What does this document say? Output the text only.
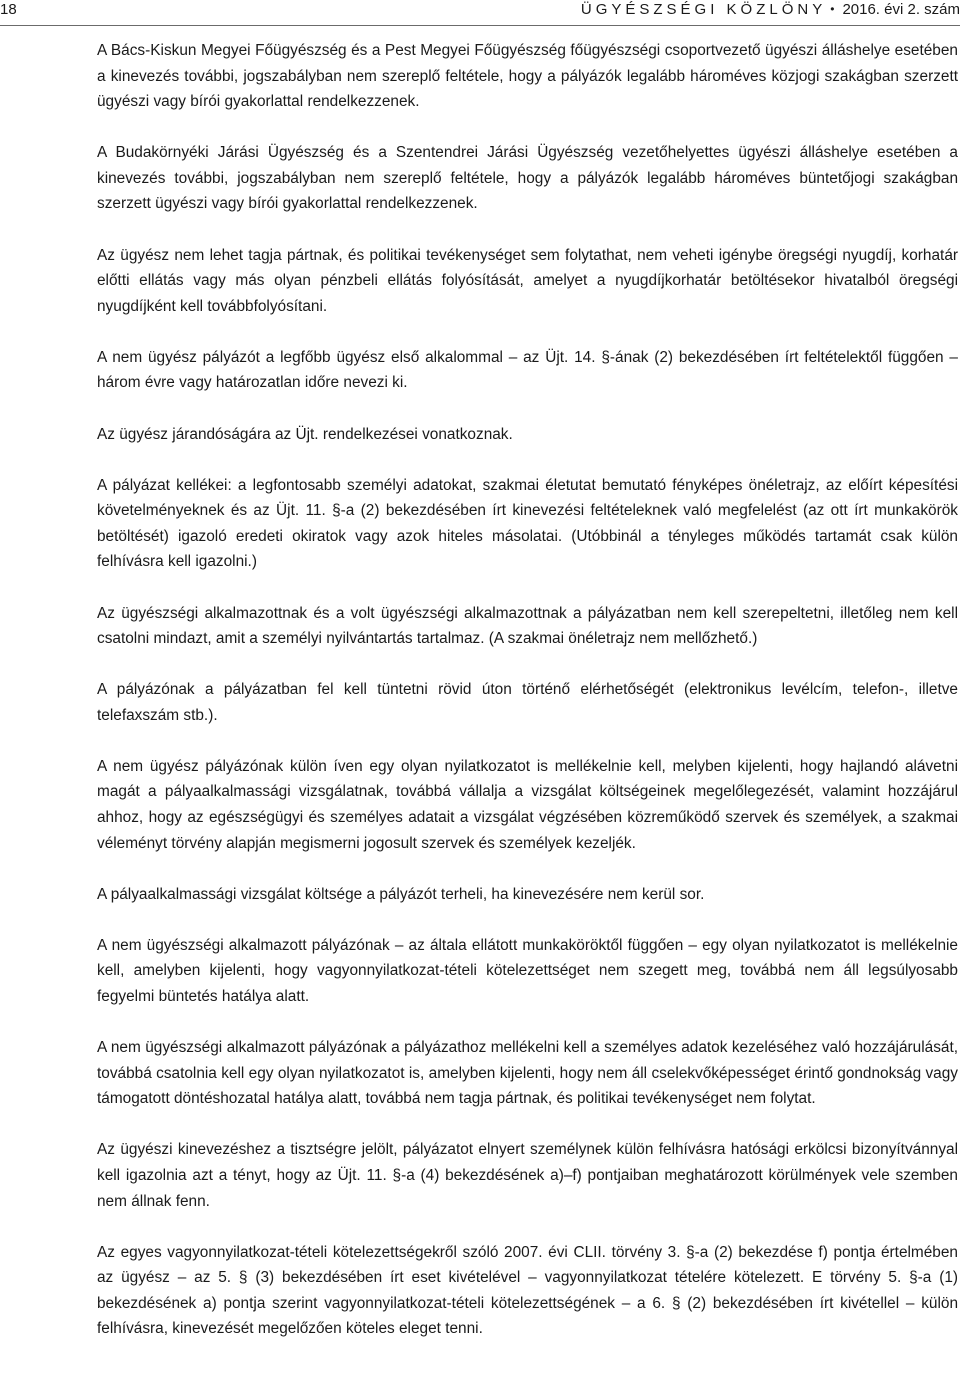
18	ÜGYÉSZSÉGI KÖZLÖNY • 2016. évi 2. szám

A Bács-Kiskun Megyei Főügyészség és a Pest Megyei Főügyészség főügyészségi csoportvezető ügyészi álláshelye esetében a kinevezés további, jogszabályban nem szereplő feltétele, hogy a pályázók legalább hároméves közjogi szakágban szerzett ügyészi vagy bírói gyakorlattal rendelkezzenek.

A Budakörnyéki Járási Ügyészség és a Szentendrei Járási Ügyészség vezetőhelyettes ügyészi álláshelye esetében a kinevezés további, jogszabályban nem szereplő feltétele, hogy a pályázók legalább hároméves büntetőjogi szakágban szerzett ügyészi vagy bírói gyakorlattal rendelkezzenek.

Az ügyész nem lehet tagja pártnak, és politikai tevékenységet sem folytathat, nem veheti igénybe öregségi nyugdíj, korhatár előtti ellátás vagy más olyan pénzbeli ellátás folyósítását, amelyet a nyugdíjkorhatár betöltésekor hivatalból öregségi nyugdíjként kell továbbfolyósítani.

A nem ügyész pályázót a legfőbb ügyész első alkalommal – az Üjt. 14. §-ának (2) bekezdésében írt feltételektől függően – három évre vagy határozatlan időre nevezi ki.

Az ügyész járandóságára az Üjt. rendelkezései vonatkoznak.

A pályázat kellékei: a legfontosabb személyi adatokat, szakmai életutat bemutató fényképes önéletrajz, az előírt képesítési követelményeknek és az Üjt. 11. §-a (2) bekezdésében írt kinevezési feltételeknek való megfelelést (az ott írt munkakörök betöltését) igazoló eredeti okiratok vagy azok hiteles másolatai. (Utóbbinál a tényleges működés tartamát csak külön felhívásra kell igazolni.)

Az ügyészségi alkalmazottnak és a volt ügyészségi alkalmazottnak a pályázatban nem kell szerepeltetni, illetőleg nem kell csatolni mindazt, amit a személyi nyilvántartás tartalmaz. (A szakmai önéletrajz nem mellőzhető.)

A pályázónak a pályázatban fel kell tüntetni rövid úton történő elérhetőségét (elektronikus levélcím, telefon-, illetve telefaxszám stb.).

A nem ügyész pályázónak külön íven egy olyan nyilatkozatot is mellékelnie kell, melyben kijelenti, hogy hajlandó alávetni magát a pályaalkalmassági vizsgálatnak, továbbá vállalja a vizsgálat költségeinek megelőlegezését, valamint hozzájárul ahhoz, hogy az egészségügyi és személyes adatait a vizsgálat végzésében közreműködő szervek és személyek, a szakmai véleményt törvény alapján megismerni jogosult szervek és személyek kezeljék.

A pályaalkalmassági vizsgálat költsége a pályázót terheli, ha kinevezésére nem kerül sor.

A nem ügyészségi alkalmazott pályázónak – az általa ellátott munkaköröktől függően – egy olyan nyilatkozatot is mellékelnie kell, amelyben kijelenti, hogy vagyonnyilatkozat-tételi kötelezettséget nem szegett meg, továbbá nem áll legsúlyosabb fegyelmi büntetés hatálya alatt.

A nem ügyészségi alkalmazott pályázónak a pályázathoz mellékelni kell a személyes adatok kezeléséhez való hozzájárulását, továbbá csatolnia kell egy olyan nyilatkozatot is, amelyben kijelenti, hogy nem áll cselekvőképességet érintő gondnokság vagy támogatott döntéshozatal hatálya alatt, továbbá nem tagja pártnak, és politikai tevékenységet nem folytat.

Az ügyészi kinevezéshez a tisztségre jelölt, pályázatot elnyert személynek külön felhívásra hatósági erkölcsi bizonyítvánnyal kell igazolnia azt a tényt, hogy az Üjt. 11. §-a (4) bekezdésének a)–f) pontjaiban meghatározott körülmények vele szemben nem állnak fenn.

Az egyes vagyonnyilatkozat-tételi kötelezettségekről szóló 2007. évi CLII. törvény 3. §-a (2) bekezdése f) pontja értelmében az ügyész – az 5. § (3) bekezdésében írt eset kivételével – vagyonnyilatkozat tételére kötelezett. E törvény 5. §-a (1) bekezdésének a) pontja szerint vagyonnyilatkozat-tételi kötelezettségének – a 6. § (2) bekezdésében írt kivétellel – külön felhívásra, kinevezését megelőzően köteles eleget tenni.
